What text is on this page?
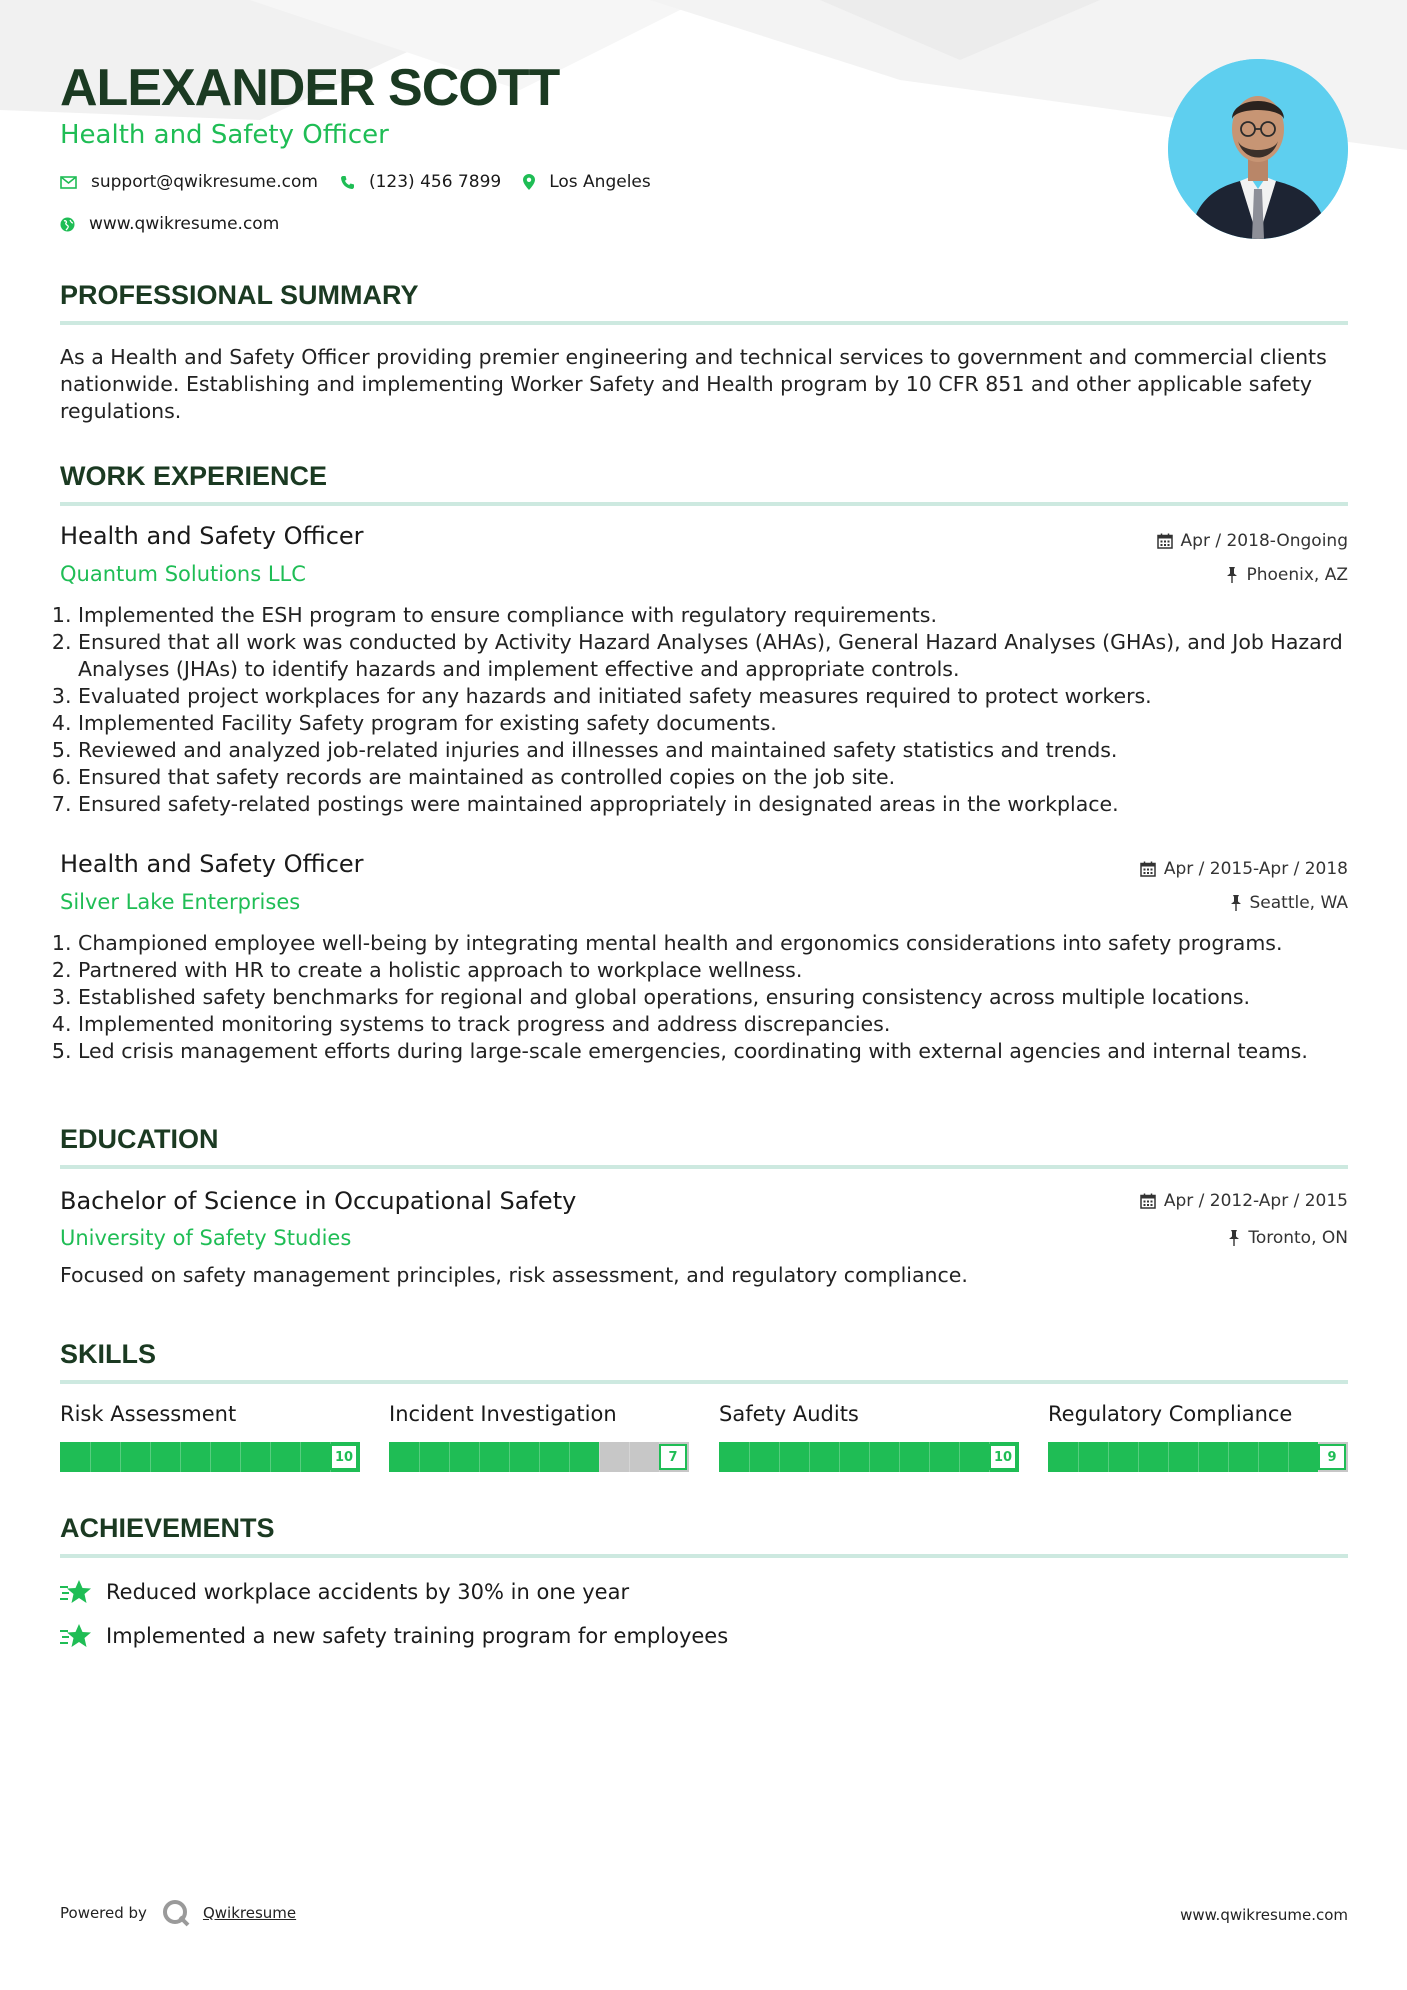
ALEXANDER SCOTT
Health and Safety Officer
support@qwikresume.com	(123) 456 7899	Los Angeles
www.qwikresume.com
PROFESSIONAL SUMMARY

As a Health and Safety Officer providing premier engineering and technical services to government and commercial clients nationwide. Establishing and implementing Worker Safety and Health program by 10 CFR 851 and other applicable safety regulations.

WORK EXPERIENCE
Health and Safety Officer	Apr / 2018-Ongoing
Quantum Solutions LLC	Phoenix, AZ
1. Implemented the ESH program to ensure compliance with regulatory requirements.
2. Ensured that all work was conducted by Activity Hazard Analyses (AHAs), General Hazard Analyses (GHAs), and Job Hazard Analyses (JHAs) to identify hazards and implement effective and appropriate controls.
3. Evaluated project workplaces for any hazards and initiated safety measures required to protect workers.
4. Implemented Facility Safety program for existing safety documents.
5. Reviewed and analyzed job-related injuries and illnesses and maintained safety statistics and trends.
6. Ensured that safety records are maintained as controlled copies on the job site.
7. Ensured safety-related postings were maintained appropriately in designated areas in the workplace.
Health and Safety Officer	Apr / 2015-Apr / 2018
Silver Lake Enterprises	Seattle, WA
1. Championed employee well-being by integrating mental health and ergonomics considerations into safety programs.
2. Partnered with HR to create a holistic approach to workplace wellness.
3. Established safety benchmarks for regional and global operations, ensuring consistency across multiple locations.
4. Implemented monitoring systems to track progress and address discrepancies.
5. Led crisis management efforts during large-scale emergencies, coordinating with external agencies and internal teams.
EDUCATION
Bachelor of Science in Occupational Safety	Apr / 2012-Apr / 2015
University of Safety Studies	Toronto, ON

Focused on safety management principles, risk assessment, and regulatory compliance.

SKILLS
Risk Assessment
10
Incident Investigation
7
Safety Audits
10
Regulatory Compliance
9
ACHIEVEMENTS
Reduced workplace accidents by 30% in one year
Implemented a new safety training program for employees
Powered by	Qwikresume	www.qwikresume.com
